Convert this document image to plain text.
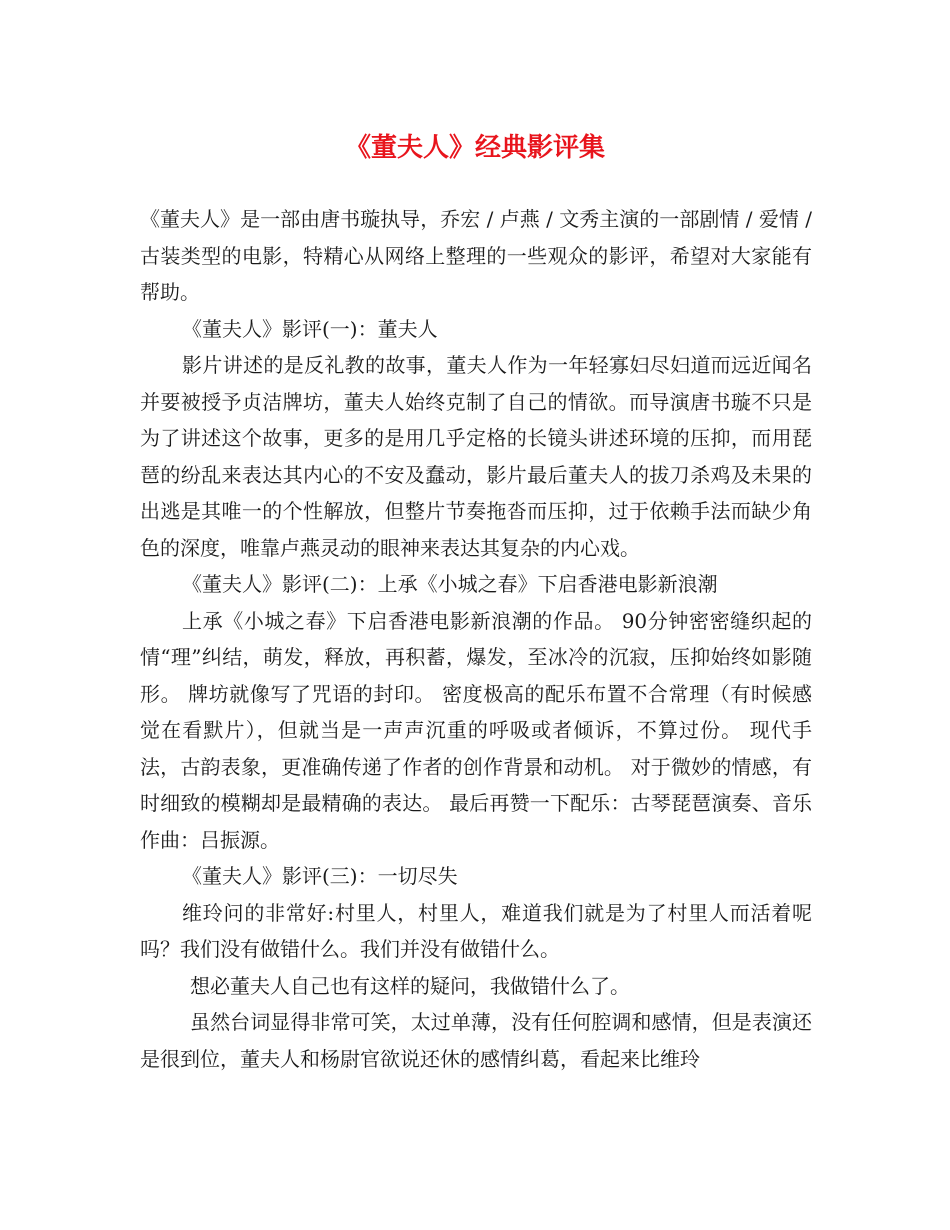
《董夫人》经典影评集

《董夫人》是一部由唐书璇执导，乔宏 / 卢燕 / 文秀主演的一部剧情 / 爱情 / 古装类型的电影，特精心从网络上整理的一些观众的影评，希望对大家能有帮助。

《董夫人》影评(一)：董夫人

影片讲述的是反礼教的故事，董夫人作为一年轻寡妇尽妇道而远近闻名并要被授予贞洁牌坊，董夫人始终克制了自己的情欲。而导演唐书璇不只是为了讲述这个故事，更多的是用几乎定格的长镜头讲述环境的压抑，而用琵琶的纷乱来表达其内心的不安及蠢动，影片最后董夫人的拔刀杀鸡及未果的出逃是其唯一的个性解放，但整片节奏拖沓而压抑，过于依赖手法而缺少角色的深度，唯靠卢燕灵动的眼神来表达其复杂的内心戏。

《董夫人》影评(二)：上承《小城之春》下启香港电影新浪潮

上承《小城之春》下启香港电影新浪潮的作品。 90分钟密密缝织起的情“理”纠结，萌发，释放，再积蓄，爆发，至冰冷的沉寂，压抑始终如影随形。 牌坊就像写了咒语的封印。 密度极高的配乐布置不合常理（有时候感觉在看默片），但就当是一声声沉重的呼吸或者倾诉，不算过份。 现代手法，古韵表象，更准确传递了作者的创作背景和动机。 对于微妙的情感，有时细致的模糊却是最精确的表达。 最后再赞一下配乐：古琴琵琶演奏、音乐作曲：吕振源。

《董夫人》影评(三)：一切尽失

维玲问的非常好:村里人，村里人，难道我们就是为了村里人而活着呢吗？我们没有做错什么。我们并没有做错什么。

想必董夫人自己也有这样的疑问，我做错什么了。

虽然台词显得非常可笑，太过单薄，没有任何腔调和感情，但是表演还是很到位，董夫人和杨尉官欲说还休的感情纠葛，看起来比维玲
